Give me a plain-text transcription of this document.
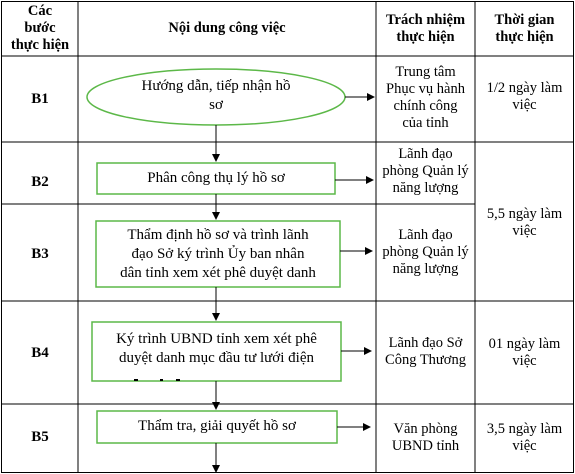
Các
bước
thực hiện
Nội dung công việc	Trách nhiệm
thực hiện
Thời gian
thực hiện
B1
B2
B3
B4
B5
Hướng dẫn, tiếp nhận hồ
sơ
Phân công thụ lý hồ sơ
Thẩm định hồ sơ và trình lãnh
đạo Sở ký trình Ủy ban nhân
dân tỉnh xem xét phê duyệt danh
Ký trình UBND tỉnh xem xét phê
duyệt danh mục đầu tư lưới điện
Thẩm tra, giải quyết hồ sơ
Trung tâm
Phục vụ hành
chính công
của tỉnh
Lãnh đạo
phòng Quản lý
năng lượng
Lãnh đạo
phòng Quản lý
năng lượng
Lãnh đạo Sở
Công Thương
Văn phòng
UBND tỉnh
1/2 ngày làm
việc
5,5 ngày làm
việc
01 ngày làm
việc
3,5 ngày làm
việc
